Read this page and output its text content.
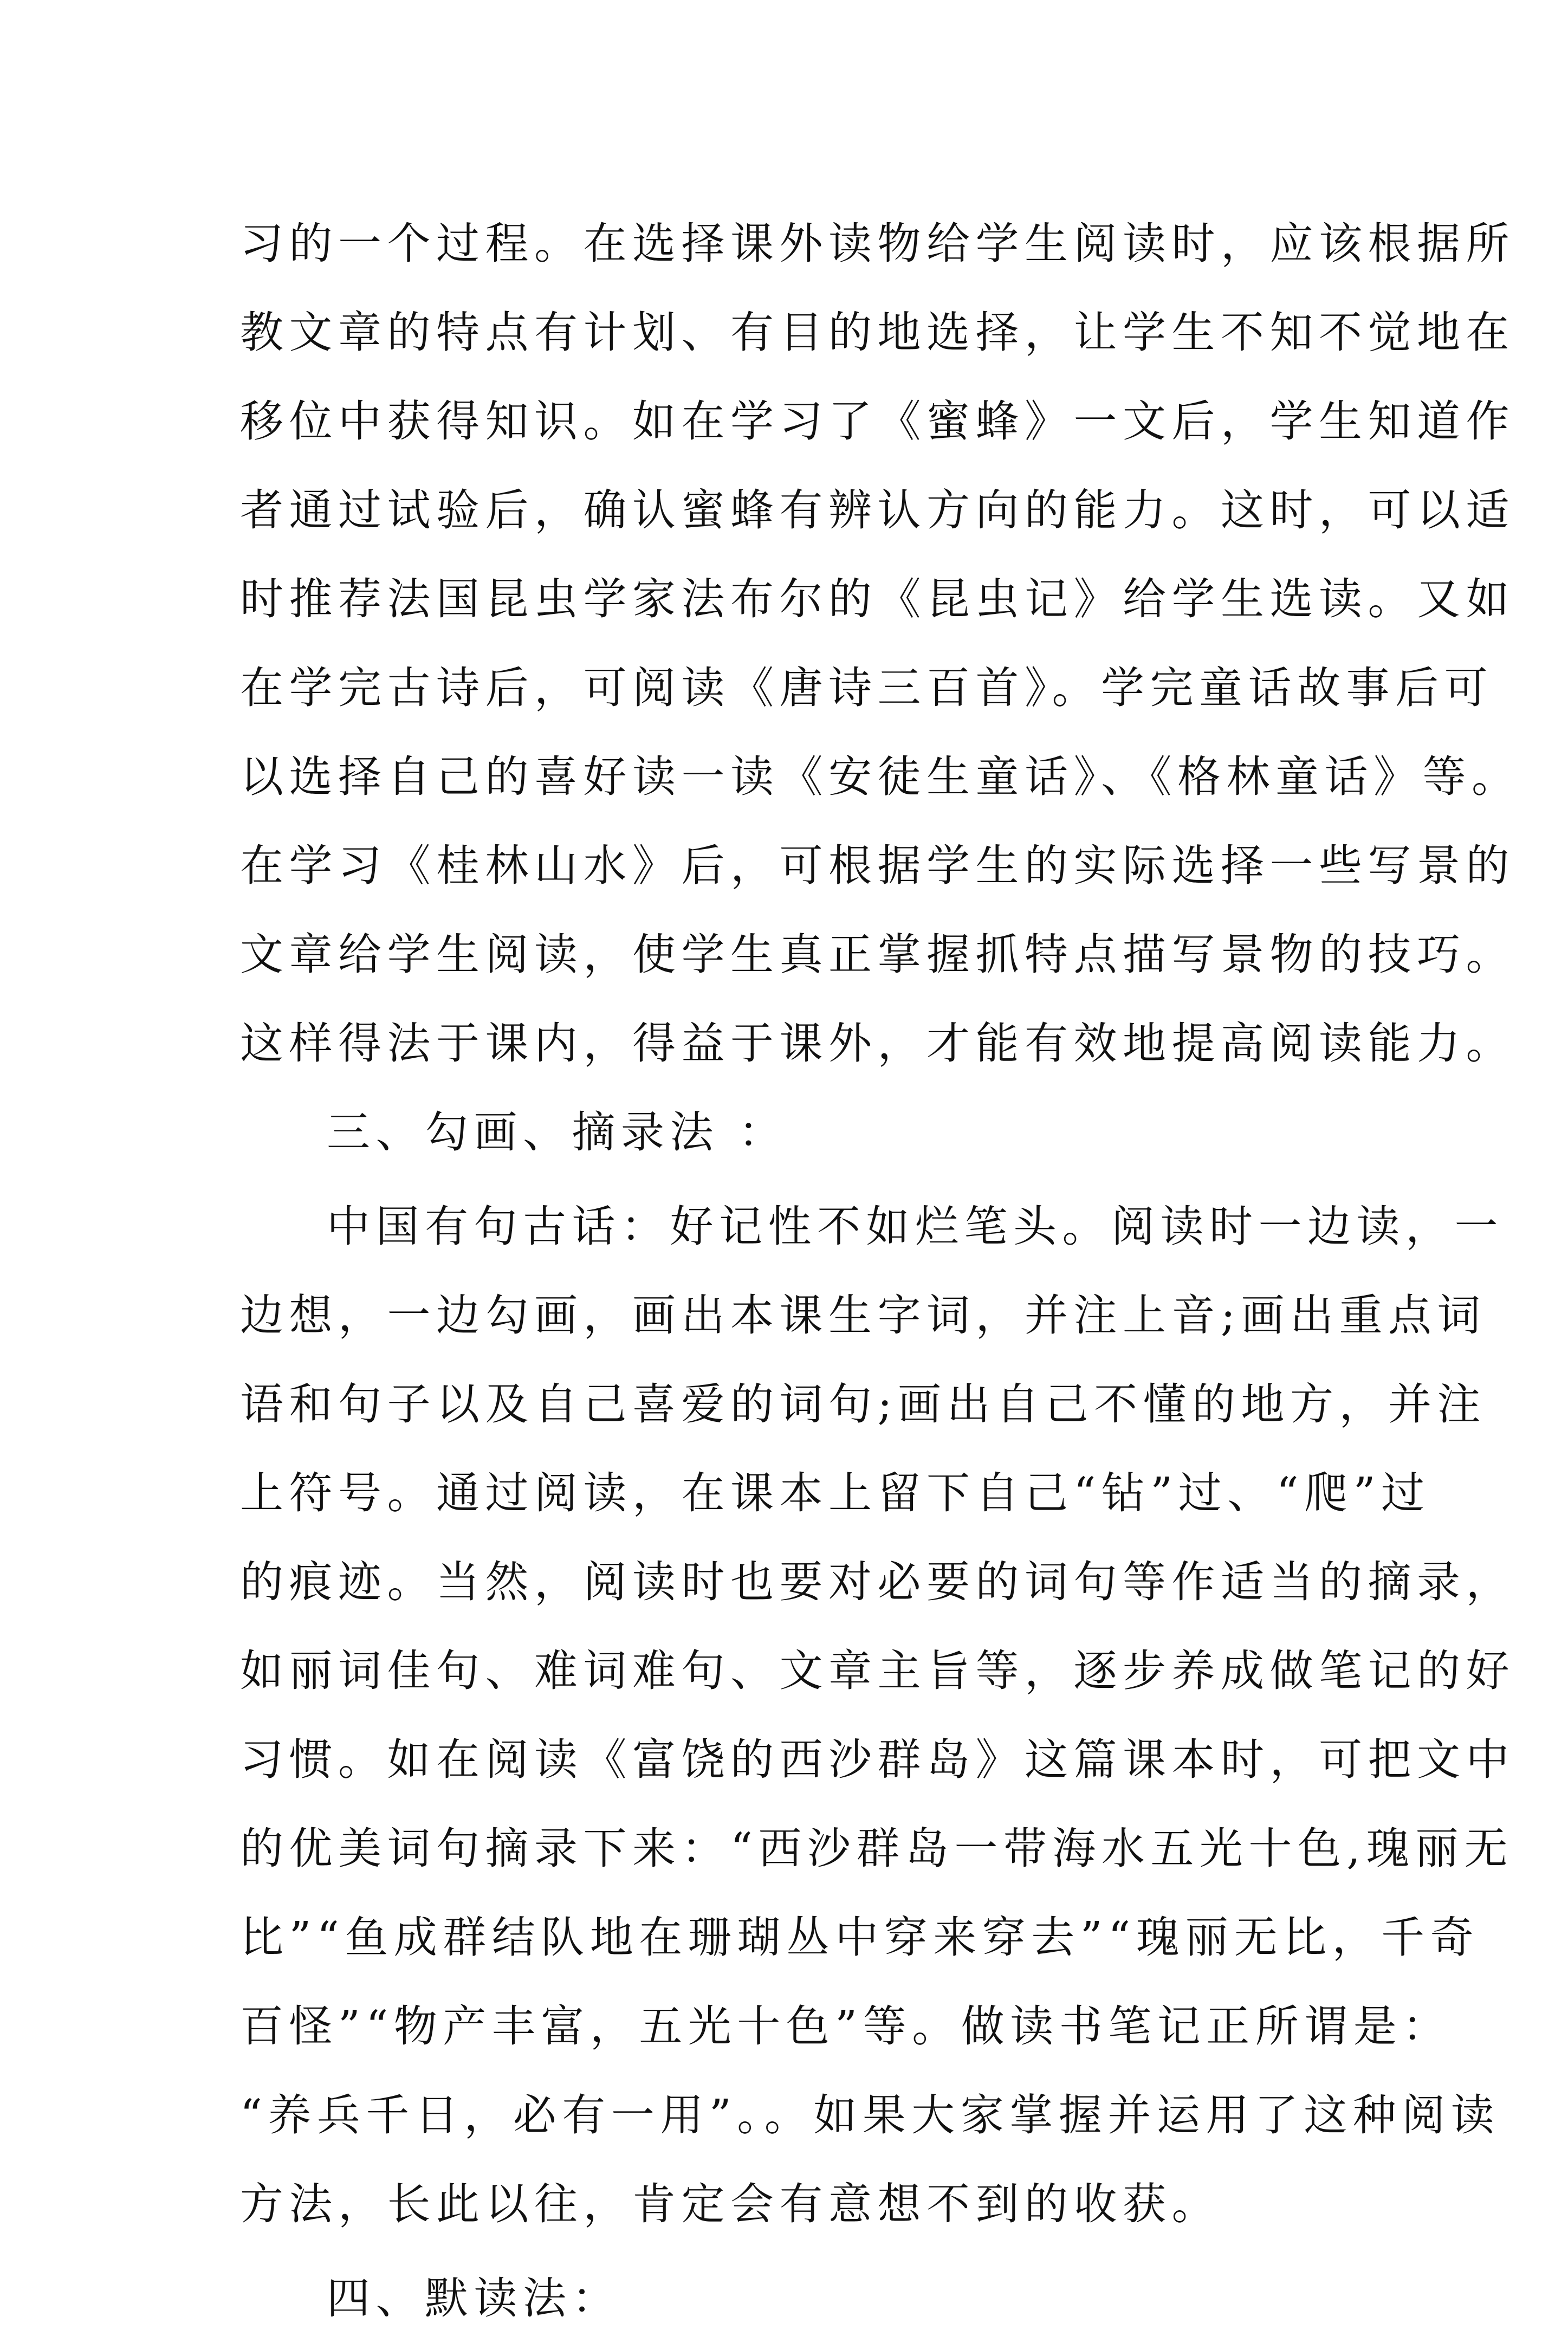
习的一个过程。在选择课外读物给学生阅读时，应该根据所
教文章的特点有计划、有目的地选择，让学生不知不觉地在
移位中获得知识。如在学习了《蜜蜂》一文后，学生知道作
者通过试验后，确认蜜蜂有辨认方向的能力。这时，可以适
时推荐法国昆虫学家法布尔的《昆虫记》给学生选读。又如
在学完古诗后，可阅读《唐诗三百首》。学完童话故事后可
以选择自己的喜好读一读《安徒生童话》、《格林童话》等。
在学习《桂林山水》后，可根据学生的实际选择一些写景的
文章给学生阅读，使学生真正掌握抓特点描写景物的技巧。
这样得法于课内，得益于课外，才能有效地提高阅读能力。
三、勾画、摘录法 ：
中国有句古话：好记性不如烂笔头。阅读时一边读，一
边想，一边勾画，画出本课生字词，并注上音;画出重点词
语和句子以及自己喜爱的词句;画出自己不懂的地方，并注
上符号。通过阅读，在课本上留下自己“钻”过、“爬”过
的痕迹。当然，阅读时也要对必要的词句等作适当的摘录，
如丽词佳句、难词难句、文章主旨等，逐步养成做笔记的好
习惯。如在阅读《富饶的西沙群岛》这篇课本时，可把文中
的优美词句摘录下来：“西沙群岛一带海水五光十色,瑰丽无
比”“鱼成群结队地在珊瑚丛中穿来穿去”“瑰丽无比，千奇
百怪”“物产丰富，五光十色”等。做读书笔记正所谓是：
“养兵千日，必有一用”。。如果大家掌握并运用了这种阅读
方法，长此以往，肯定会有意想不到的收获。
四、默读法：
